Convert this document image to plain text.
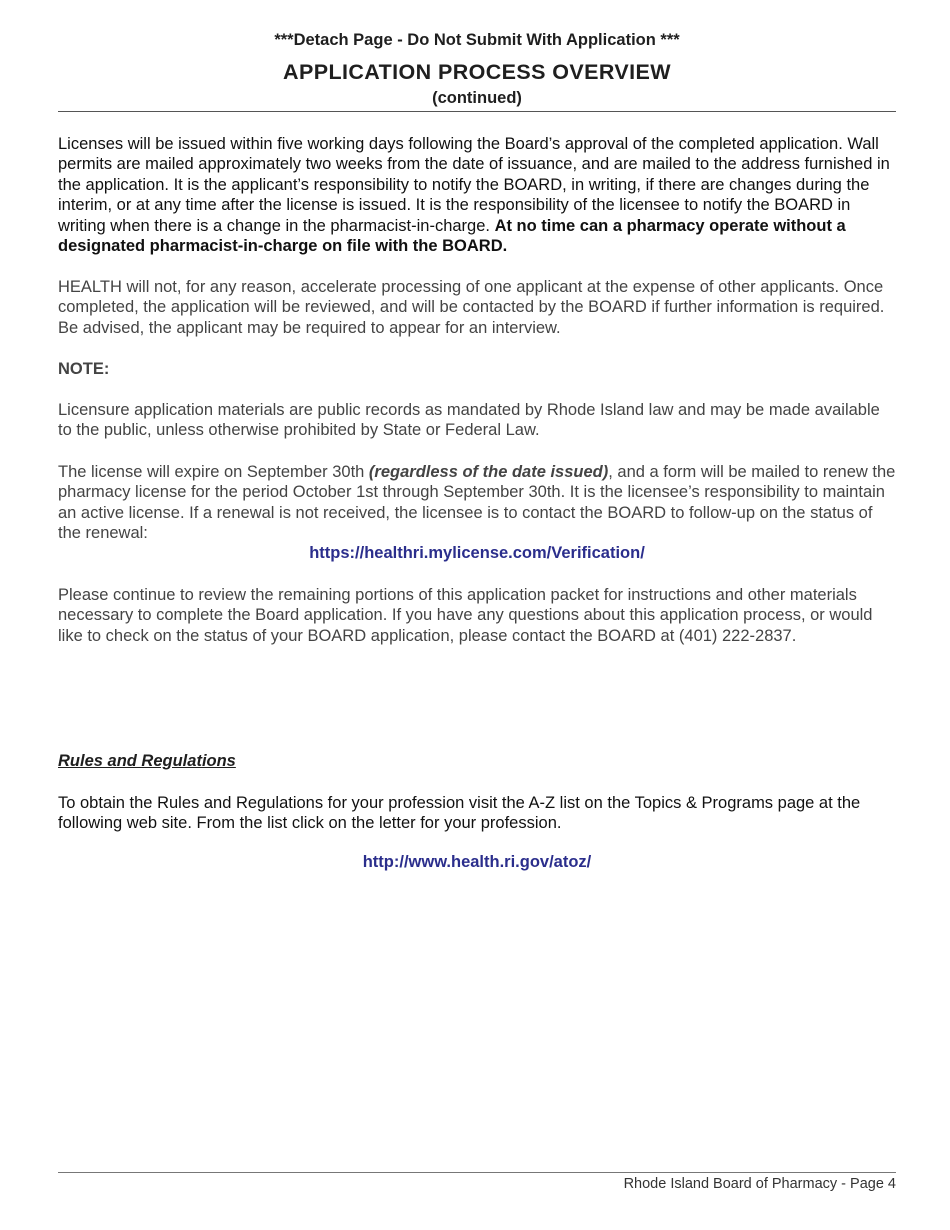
***Detach Page - Do Not Submit With Application ***
APPLICATION PROCESS OVERVIEW
(continued)

Licenses will be issued within five working days following the Board’s approval of the completed application. Wall permits are mailed approximately two weeks from the date of issuance, and are mailed to the address furnished in the application. It is the applicant’s responsibility to notify the BOARD, in writing, if there are changes during the interim, or at any time after the license is issued. It is the responsibility of the licensee to notify the BOARD in writing when there is a change in the pharmacist-in-charge. At no time can a pharmacy operate without a designated pharmacist-in-charge on file with the BOARD.

HEALTH will not, for any reason, accelerate processing of one applicant at the expense of other applicants. Once completed, the application will be reviewed, and will be contacted by the BOARD if further information is required. Be advised, the applicant may be required to appear for an interview.

NOTE:

Licensure application materials are public records as mandated by Rhode Island law and may be made available to the public, unless otherwise prohibited by State or Federal Law.

The license will expire on September 30th (regardless of the date issued), and a form will be mailed to renew the pharmacy license for the period October 1st through September 30th. It is the licensee’s responsibility to maintain an active license. If a renewal is not received, the licensee is to contact the BOARD to follow-up on the status of the renewal:

https://healthri.mylicense.com/Verification/

Please continue to review the remaining portions of this application packet for instructions and other materials necessary to complete the Board application. If you have any questions about this application process, or would like to check on the status of your BOARD application, please contact the BOARD at (401) 222-2837.

Rules and Regulations

To obtain the Rules and Regulations for your profession visit the A-Z list on the Topics & Programs page at the following web site. From the list click on the letter for your profession.

http://www.health.ri.gov/atoz/
Rhode Island Board of Pharmacy - Page 4
